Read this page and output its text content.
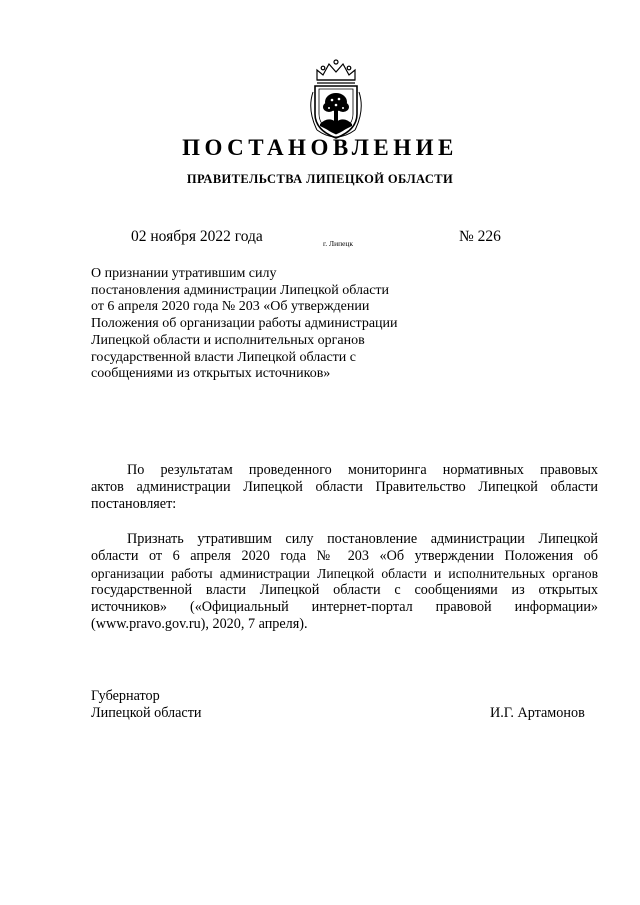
ПОСТАНОВЛЕНИЕ
ПРАВИТЕЛЬСТВА ЛИПЕЦКОЙ ОБЛАСТИ
02 ноября 2022 года	г. Липецк	№ 226
О признании утратившим силу
постановления администрации Липецкой области
от 6 апреля 2020 года № 203 «Об утверждении
Положения об организации работы администрации
Липецкой области и исполнительных органов
государственной власти Липецкой области с
сообщениями из открытых источников»
По результатам проведенного мониторинга нормативных правовых
актов администрации Липецкой области Правительство Липецкой области
постановляет:
Признать утратившим силу постановление администрации Липецкой
области от 6 апреля 2020 года № 203 «Об утверждении Положения об
организации работы администрации Липецкой области и исполнительных органов
государственной власти Липецкой области с сообщениями из открытых
источников» («Официальный интернет-портал правовой информации»
(www.pravo.gov.ru), 2020, 7 апреля).
Губернатор
Липецкой области	И.Г. Артамонов
